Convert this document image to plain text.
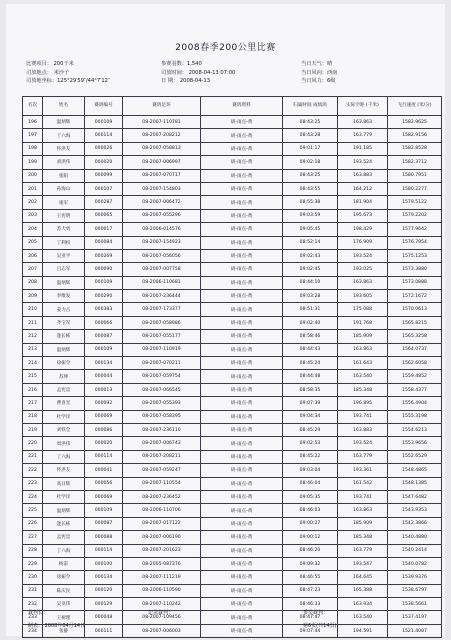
2008春季200公里比赛
比赛项目： 200千米	参赛羽数：1,540	当日天气：晴
司放地点： 米沙子	司放时间： 2008-04-13 07:00	当日风向：西南
司放地坐标：125°29′59″/44°7′12″	日 期： 2008-04-13	当日风力：6级
名次	姓名	赛鸽编号	赛鸽足环	赛鸽资料	归巢时间 成绩鸽	实际空距 (千米)	飞行速度 (米/分)
196	温炳辉	000109	08-2007-110781	胡-雨点-黄	08:43:25	163.863	1582.9625
197	丁六海	000114	08-2007-208212	胡-雨点-黄	08:43:28	163.779	1582.9156
198	怀洪友	000026	08-2007-058813	胡-雨点-黄	09:01:17	191.185	1582.8528
199	刘洪伟	000020	08-2007-006997	胡-雨点-黄	09:02:18	193.524	1582.3712
200	张阳	000099	08-2007-070717	胡-雨点-黄	08:43:25	163.883	1580.7951
201	孙海山	000107	08-2007-154803	胡-雨点-黄	08:43:55	164.212	1580.2277
202	康军	000287	08-2007-006472	胡-雨点-黄	08:55:38	181.904	1579.5122
203	王宪明	000065	08-2007-055296	胡-雨点-黄	09:03:59	195.673	1579.2202
204	苏大勇	000017	08-2006-014576	胡-雨点-黄	09:05:45	198.429	1577.9642
205	丁利权	000084	08-2007-154923	胡-雨点-黄	08:52:14	176.909	1576.7954
206	吴亚平	000269	08-2007-056056	胡-雨点-黄	09:02:43	193.524	1575.1253
207	吕志军	000090	08-2007-007758	胡-雨点-黄	09:02:45	193.025	1573.3880
208	温炳辉	000109	08-2006-110681	胡-雨点-黄	08:44:10	163.863	1573.0888
209	李维发	000290	08-2007-236444	胡-雨点-黄	09:03:28	193.605	1572.1672
210	姜力占	000383	08-2007-173377	胡-雨点-黄	08:51:31	175.088	1570.0613
211	齐宝军	000066	08-2007-058986	胡-雨点-黄	09:02:40	191.768	1565.8215
212	逄长栋	000087	08-2007-055177	胡-雨点-黄	08:58:46	185.909	1565.3258
213	温炳辉	000109	08-2007-110919	胡-雨点-黄	08:44:43	163.863	1564.0737
214	徐振令	000134	08-2007-070211	胡-雨点-黄	08:45:24	161.643	1562.6058
215	苏坤	000044	08-2007-059754	胡-雨点-黄	08:44:48	163.540	1559.4852
216	孟宪忠	000013	08-2007-066545	胡-雨点-黄	08:58:35	185.348	1558.4377
217	曹喜光	000092	08-2007-055393	胡-雨点-黄	09:07:39	196.895	1556.4904
218	杜学洋	000069	08-2007-058395	胡-雨点-黄	09:04:34	193.741	1555.3198
219	刘铁全	000086	08-2007-236110	胡-雨点-黄	08:45:29	163.883	1554.6213
220	周洪伟	000020	08-2007-006743	胡-雨点-黄	09:02:53	193.524	1553.9656
221	丁六海	000114	08-2007-208211	胡-雨点-黄	08:45:22	163.779	1552.6529
222	怀洪友	000041	08-2007-059247	胡-雨点-黄	09:03:04	193.361	1548.4865
223	高日辉	000056	08-2007-110554	胡-雨点-黄	08:46:04	161.542	1548.1385
224	杜学洋	000069	08-2007-236452	胡-雨点-黄	09:05:35	193.741	1547.6482
225	温炳辉	000109	08-2006-110706	胡-雨点-黄	08:46:03	163.863	1543.9353
226	逄长栋	000087	08-2007-017122	胡-雨点-黄	09:00:27	185.909	1542.3866
227	孟宪忠	000088	08-2007-006190	胡-雨点-黄	09:00:12	185.348	1540.4880
228	丁六海	000114	08-2007-201623	胡-雨点-黄	08:46:20	163.779	1540.2414
229	杨雷	000100	08-2005-087376	胡-雨点-黄	09:09:32	193.547	1540.0782
230	徐振令	000134	08-2007-111219	胡-雨点-黄	08:46:55	164.645	1539.9376
231	陈庆民	000120	08-2006-110590	胡-雨点-黄	08:47:23	165.388	1538.6797
232	吴亚伟	000129	08-2007-110242	胡-雨点-黄	08:46:33	163.934	1538.5661
233	王树理	000048	08-2007-109456	胡-雨点-黄	08:47:47	163.540	1537.4197
234	张静	000111	08-2007-006003	胡-雨点-黄	09:07:44	194.591	1521.4087
裁判长：	记录裁判：	委员裁判：
制表： 2008年04月14日	第6页(共14页)
